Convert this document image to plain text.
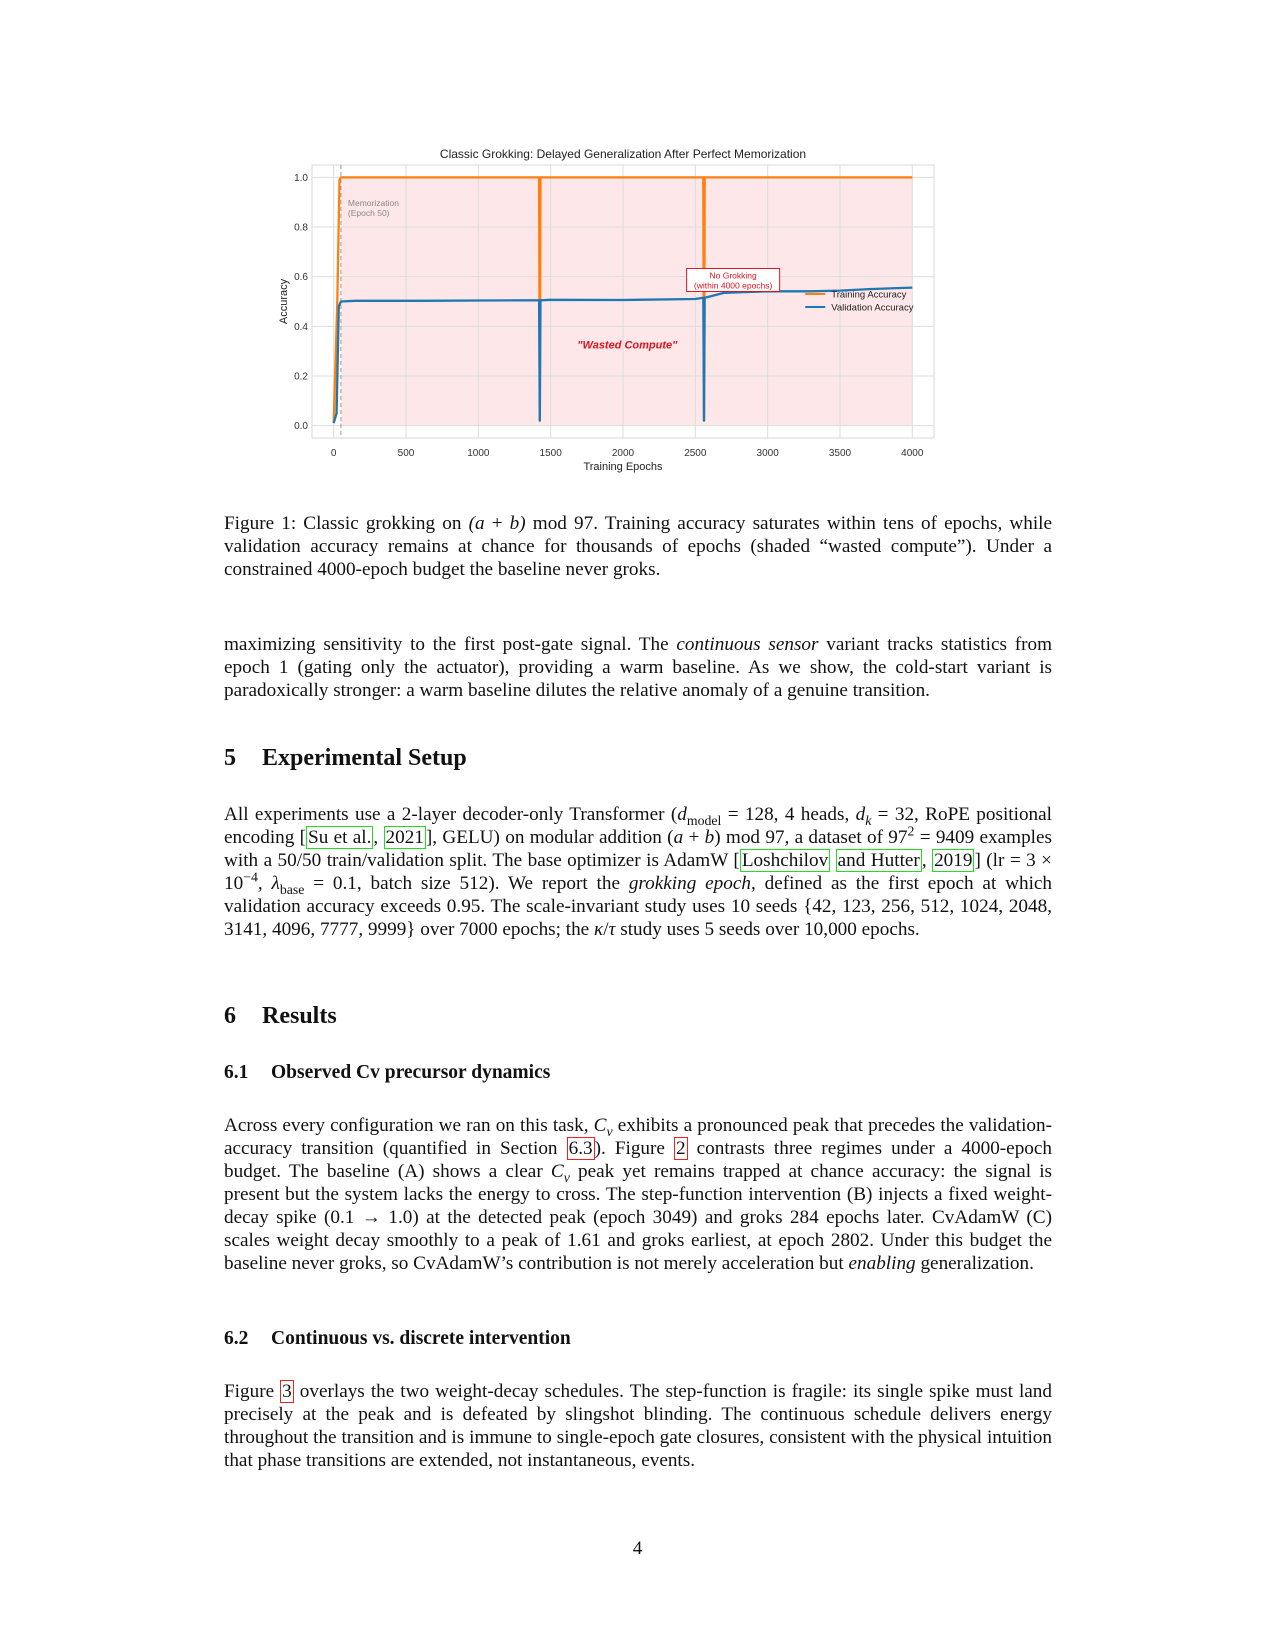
0	500	1000	1500	2000	2500	3000	3500	4000
0.0
0.2
0.4
0.6
0.8
1.0
Classic Grokking: Delayed Generalization After Perfect Memorization
Training Epochs
Accuracy
Memorization
(Epoch 50)
"Wasted Compute"
Training Accuracy
Validation Accuracy
No Grokking
(within 4000 epochs)
Figure 1: Classic grokking on (a + b) mod 97. Training accuracy saturates within tens of epochs, while validation accuracy remains at chance for thousands of epochs (shaded “wasted compute”). Under a constrained 4000-epoch budget the baseline never groks.
maximizing sensitivity to the first post-gate signal. The continuous sensor variant tracks statistics from epoch 1 (gating only the actuator), providing a warm baseline. As we show, the cold-start variant is paradoxically stronger: a warm baseline dilutes the relative anomaly of a genuine transition.
5 Experimental Setup
All experiments use a 2-layer decoder-only Transformer ($d_{model} = 128$, 4 heads, $d_k = 32$, RoPE positional encoding [ Su et al. , 2021 ], GELU) on modular addition (a + b) mod 97, a dataset of $97^2 = 9409$ examples with a 50/50 train/validation split. The base optimizer is AdamW [ Loshchilov and Hutter , 2019 ] ($lr = 3 \times 10^{-4}$, $\lambda_{base} = 0.1$, batch size 512). We report the grokking epoch, defined as the first epoch at which validation accuracy exceeds 0.95. The scale-invariant study uses 10 seeds {42, 123, 256, 512, 1024, 2048, 3141, 4096, 7777, 9999} over 7000 epochs; the κ/τ study uses 5 seeds over 10,000 epochs.
6 Results
6.1 Observed Cv precursor dynamics
Across every configuration we ran on this task, $C_v$ exhibits a pronounced peak that precedes the validation-accuracy transition (quantified in Section 6.3 ). Figure 2 contrasts three regimes under a 4000-epoch budget. The baseline (A) shows a clear $C_v$ peak yet remains trapped at chance accuracy: the signal is present but the system lacks the energy to cross. The step-function intervention (B) injects a fixed weight-decay spike (0.1 → 1.0) at the detected peak (epoch 3049) and groks 284 epochs later. CvAdamW (C) scales weight decay smoothly to a peak of 1.61 and groks earliest, at epoch 2802. Under this budget the baseline never groks, so CvAdamW’s contribution is not merely acceleration but enabling generalization.
6.2 Continuous vs. discrete intervention
Figure 3 overlays the two weight-decay schedules. The step-function is fragile: its single spike must land precisely at the peak and is defeated by slingshot blinding. The continuous schedule delivers energy throughout the transition and is immune to single-epoch gate closures, consistent with the physical intuition that phase transitions are extended, not instantaneous, events.
4
